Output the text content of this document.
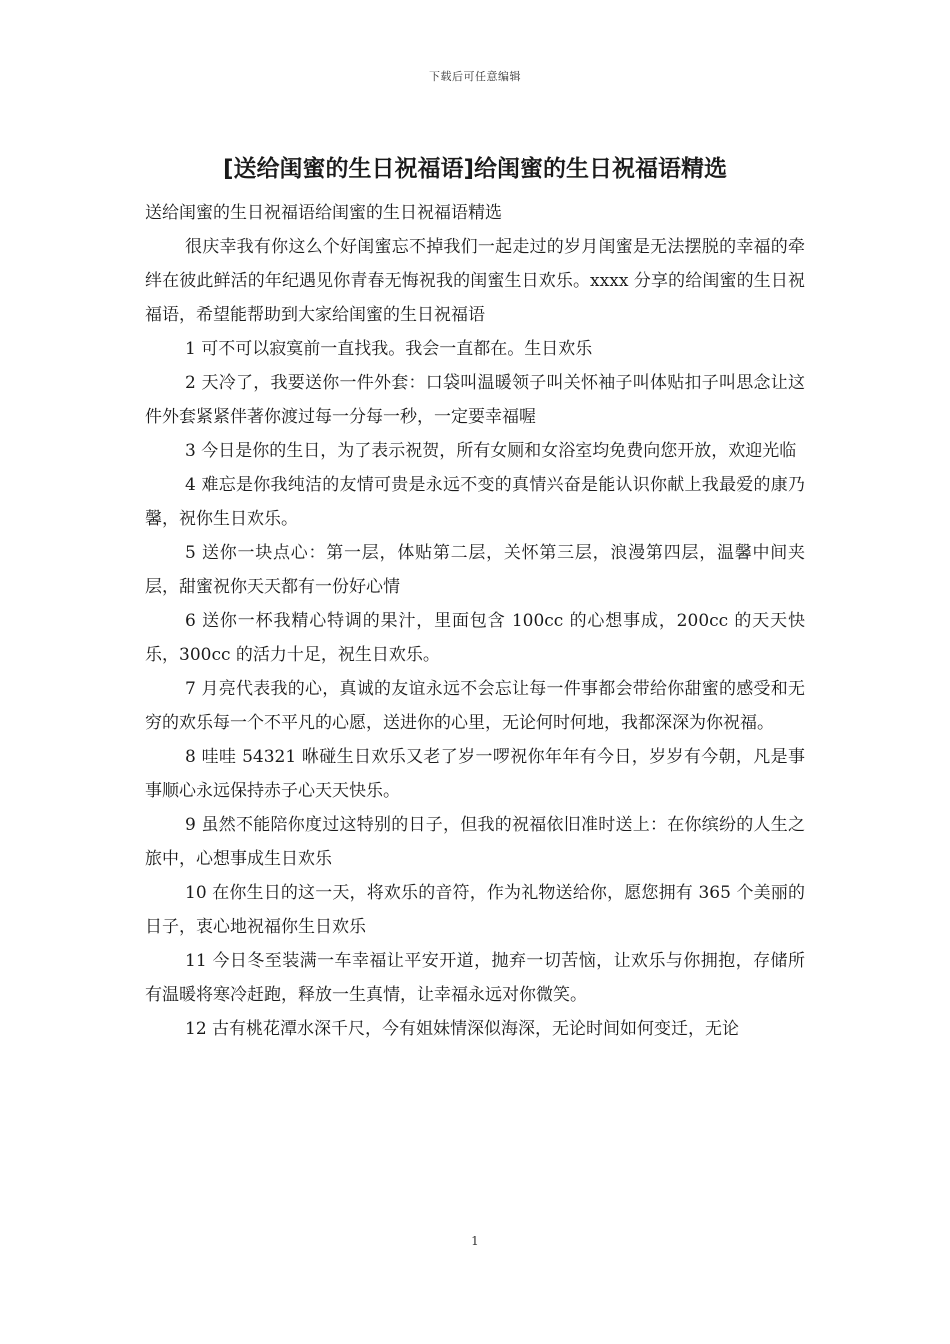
下载后可任意编辑
[送给闺蜜的生日祝福语]给闺蜜的生日祝福语精选

送给闺蜜的生日祝福语给闺蜜的生日祝福语精选

很庆幸我有你这么个好闺蜜忘不掉我们一起走过的岁月闺蜜是无法摆脱的幸福的牵绊在彼此鲜活的年纪遇见你青春无悔祝我的闺蜜生日欢乐。xxxx 分享的给闺蜜的生日祝福语，希望能帮助到大家给闺蜜的生日祝福语

1 可不可以寂寞前一直找我。我会一直都在。生日欢乐

2 天冷了，我要送你一件外套：口袋叫温暖领子叫关怀袖子叫体贴扣子叫思念让这件外套紧紧伴著你渡过每一分每一秒，一定要幸福喔

3 今日是你的生日，为了表示祝贺，所有女厕和女浴室均免费向您开放，欢迎光临

4 难忘是你我纯洁的友情可贵是永远不变的真情兴奋是能认识你献上我最爱的康乃馨，祝你生日欢乐。

5 送你一块点心：第一层，体贴第二层，关怀第三层，浪漫第四层，温馨中间夹层，甜蜜祝你天天都有一份好心情

6 送你一杯我精心特调的果汁，里面包含 100cc 的心想事成，200cc 的天天快乐，300cc 的活力十足，祝生日欢乐。

7 月亮代表我的心，真诚的友谊永远不会忘让每一件事都会带给你甜蜜的感受和无穷的欢乐每一个不平凡的心愿，送进你的心里，无论何时何地，我都深深为你祝福。

8 哇哇 54321 咻碰生日欢乐又老了岁一啰祝你年年有今日，岁岁有今朝，凡是事事顺心永远保持赤子心天天快乐。

9 虽然不能陪你度过这特别的日子，但我的祝福依旧准时送上：在你缤纷的人生之旅中，心想事成生日欢乐

10 在你生日的这一天，将欢乐的音符，作为礼物送给你，愿您拥有 365 个美丽的日子，衷心地祝福你生日欢乐

11 今日冬至装满一车幸福让平安开道，抛弃一切苦恼，让欢乐与你拥抱，存储所有温暖将寒冷赶跑，释放一生真情，让幸福永远对你微笑。

12 古有桃花潭水深千尺，今有姐妹情深似海深，无论时间如何变迁，无论

1
